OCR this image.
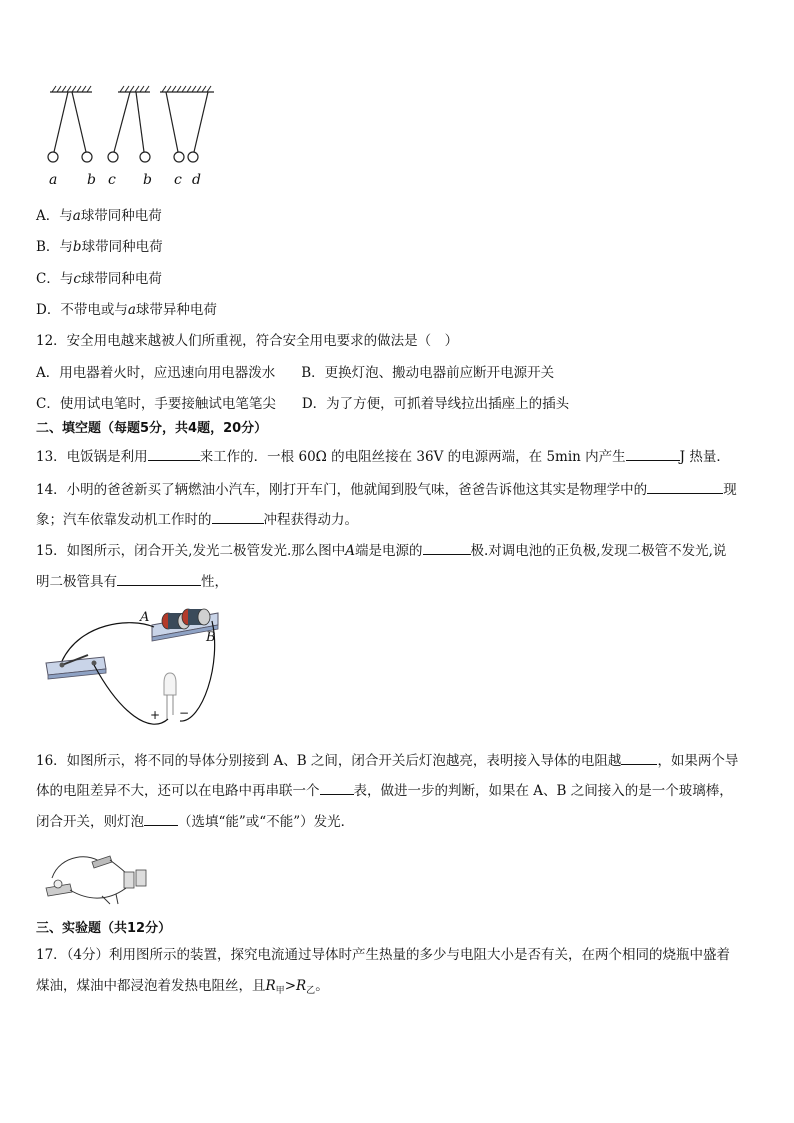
a b c b c d
A．与a球带同种电荷
B．与b球带同种电荷
C．与c球带同种电荷
D．不带电或与a球带异种电荷
12．安全用电越来越被人们所重视，符合安全用电要求的做法是（　）
A．用电器着火时，应迅速向用电器泼水 B．更换灯泡、搬动电器前应断开电源开关
C．使用试电笔时，手要接触试电笔笔尖 D．为了方便，可抓着导线拉出插座上的插头
二、填空题（每题5分，共4题，20分）
13．电饭锅是利用	来工作的．一根 60Ω 的电阻丝接在 36V 的电源两端，在 5min 内产生	J 热量．
14．小明的爸爸新买了辆燃油小汽车，刚打开车门，他就闻到股气味，爸爸告诉他这其实是物理学中的	现
象；汽车依靠发动机工作时的	冲程获得动力。
15．如图所示，闭合开关,发光二极管发光.那么图中A端是电源的	极.对调电池的正负极,发现二极管不发光,说
明二极管具有	性，
A
B
+ −
16．如图所示，将不同的导体分别接到 A、B 之间，闭合开关后灯泡越亮，表明接入导体的电阻越	，如果两个导
体的电阻差异不大，还可以在电路中再串联一个	表，做进一步的判断，如果在 A、B 之间接入的是一个玻璃棒，
闭合开关，则灯泡	（选填“能”或“不能”）发光．
三、实验题（共12分）
17．（4分）利用图所示的装置，探究电流通过导体时产生热量的多少与电阻大小是否有关，在两个相同的烧瓶中盛着
煤油，煤油中都浸泡着发热电阻丝，且$R_甲>R_乙$。
